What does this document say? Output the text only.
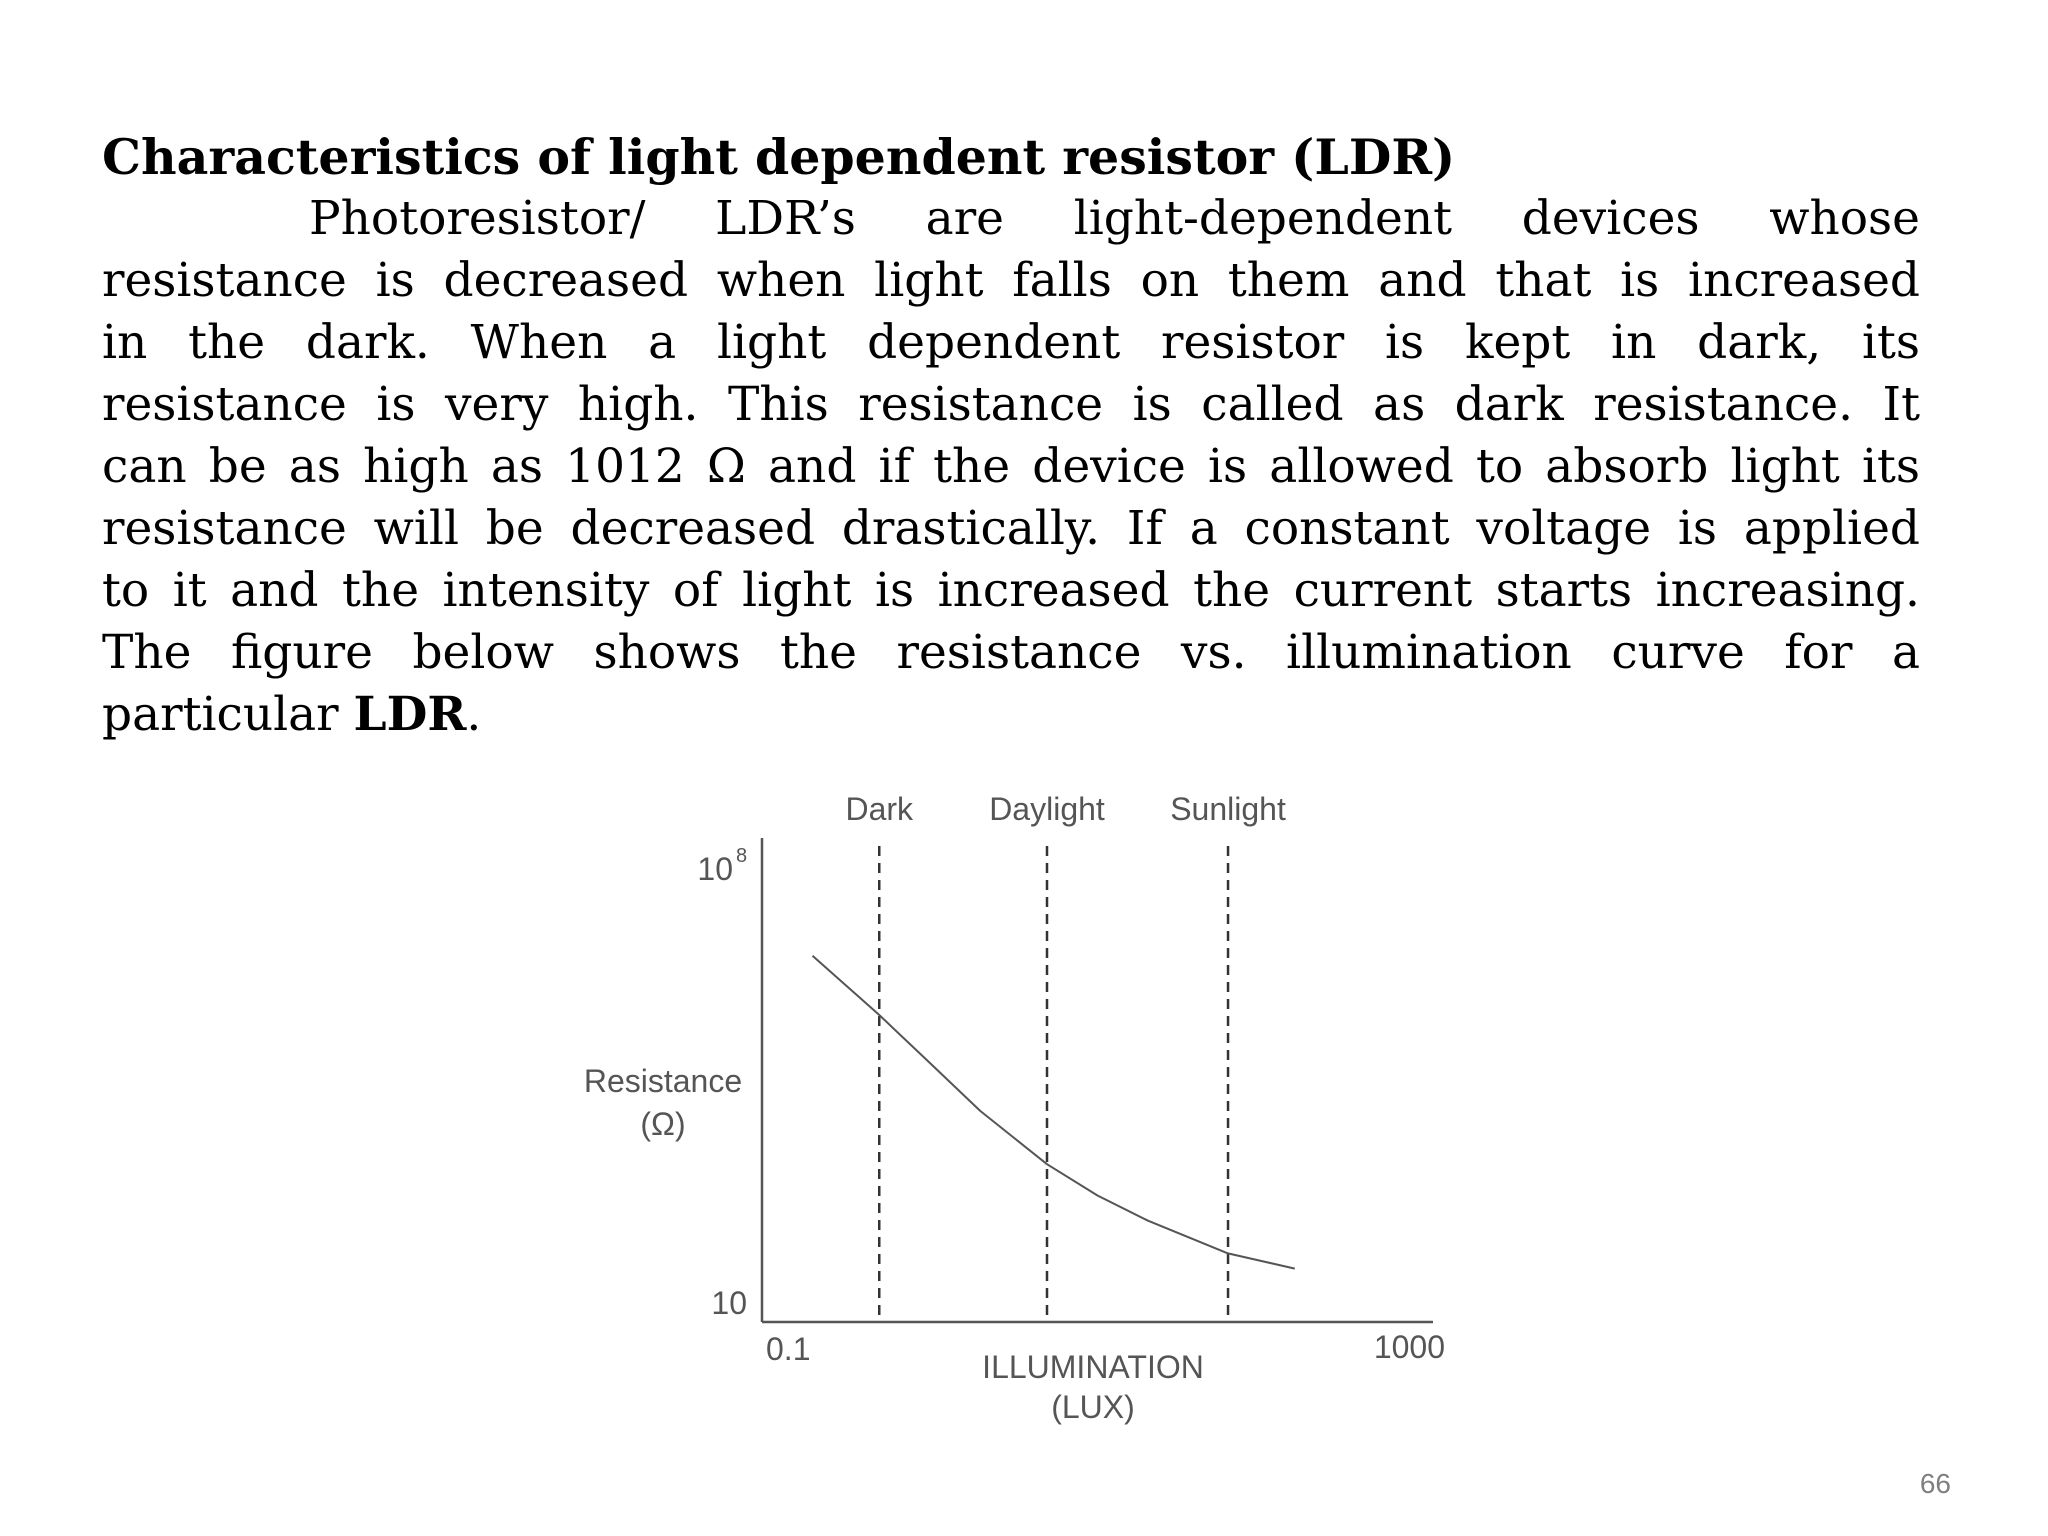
Characteristics of light dependent resistor (LDR)
Photoresistor/ LDR’s are light-dependent devices whose
resistance is decreased when light falls on them and that is increased
in the dark. When a light dependent resistor is kept in dark, its
resistance is very high. This resistance is called as dark resistance. It
can be as high as 1012 Ω and if the device is allowed to absorb light its
resistance will be decreased drastically. If a constant voltage is applied
to it and the intensity of light is increased the current starts increasing.
The figure below shows the resistance vs. illumination curve for a
particular LDR.
Resistance
(Ω)
ILLUMINATION
(LUX)
10
10 8
0.1	1000
Dark Daylight Sunlight
66
